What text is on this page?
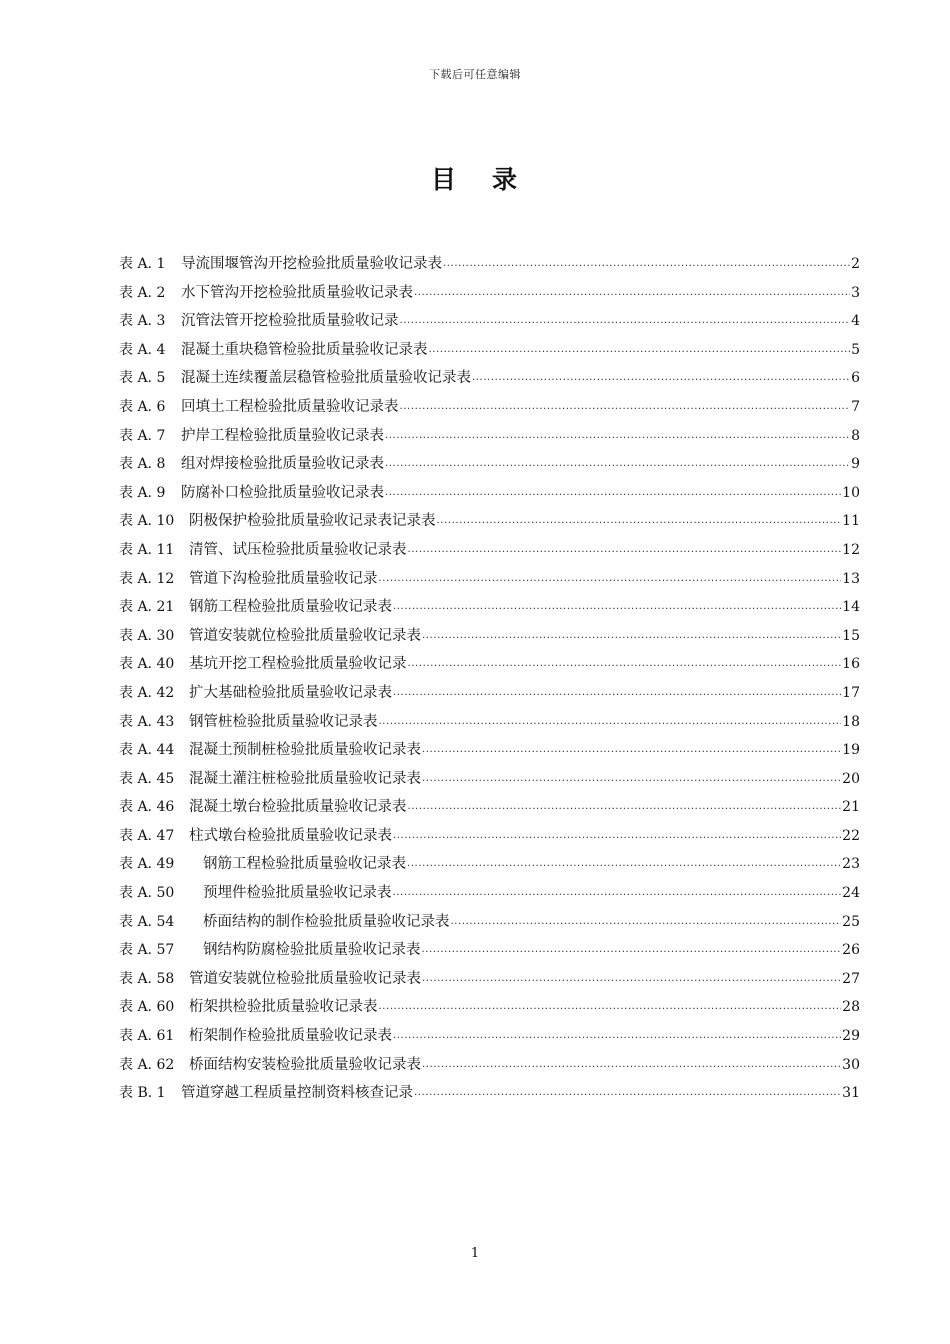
下载后可任意编辑
目 录
表 A. 1	导流围堰管沟开挖检验批质量验收记录表 .....	2
表 A. 2	水下管沟开挖检验批质量验收记录表 .....	3
表 A. 3	沉管法管开挖检验批质量验收记录 .....	4
表 A. 4	混凝土重块稳管检验批质量验收记录表 .....	5
表 A. 5	混凝土连续覆盖层稳管检验批质量验收记录表 .....	6
表 A. 6	回填土工程检验批质量验收记录表 .....	7
表 A. 7	护岸工程检验批质量验收记录表 .....	8
表 A. 8	组对焊接检验批质量验收记录表 .....	9
表 A. 9	防腐补口检验批质量验收记录表 .....	10
表 A. 10	阴极保护检验批质量验收记录表记录表 .....	11
表 A. 11	清管、试压检验批质量验收记录表 .....	12
表 A. 12	管道下沟检验批质量验收记录 .....	13
表 A. 21	钢筋工程检验批质量验收记录表 .....	14
表 A. 30	管道安装就位检验批质量验收记录表 .....	15
表 A. 40	基坑开挖工程检验批质量验收记录 .....	16
表 A. 42	扩大基础检验批质量验收记录表 .....	17
表 A. 43	钢管桩检验批质量验收记录表 .....	18
表 A. 44	混凝土预制桩检验批质量验收记录表 .....	19
表 A. 45	混凝土灌注桩检验批质量验收记录表 .....	20
表 A. 46	混凝土墩台检验批质量验收记录表 .....	21
表 A. 47	柱式墩台检验批质量验收记录表 .....	22
表 A. 49	钢筋工程检验批质量验收记录表 .....	23
表 A. 50	预埋件检验批质量验收记录表 .....	24
表 A. 54	桥面结构的制作检验批质量验收记录表 .....	25
表 A. 57	钢结构防腐检验批质量验收记录表 .....	26
表 A. 58	管道安装就位检验批质量验收记录表 .....	27
表 A. 60	桁架拱检验批质量验收记录表 .....	28
表 A. 61	桁架制作检验批质量验收记录表 .....	29
表 A. 62	桥面结构安装检验批质量验收记录表 .....	30
表 B. 1	管道穿越工程质量控制资料核查记录 .....	31
1
